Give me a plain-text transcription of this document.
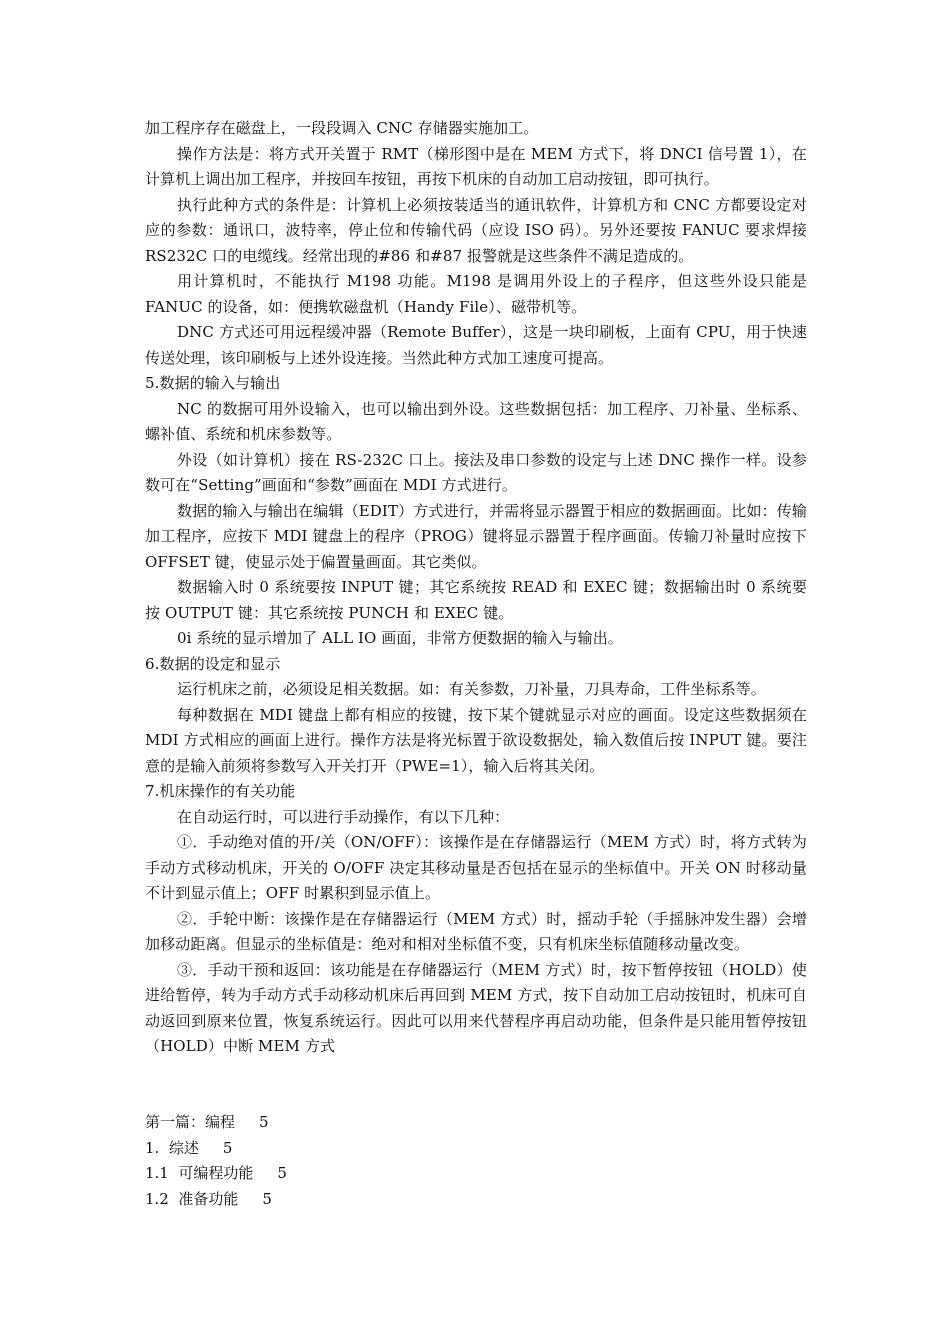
加工程序存在磁盘上，一段段调入 CNC 存储器实施加工。

操作方法是：将方式开关置于 RMT（梯形图中是在 MEM 方式下，将 DNCI 信号置 1），在计算机上调出加工程序，并按回车按钮，再按下机床的自动加工启动按钮，即可执行。

执行此种方式的条件是：计算机上必须按装适当的通讯软件，计算机方和 CNC 方都要设定对应的参数：通讯口，波特率，停止位和传输代码（应设 ISO 码）。另外还要按 FANUC 要求焊接 RS232C 口的电缆线。经常出现的#86 和#87 报警就是这些条件不满足造成的。

用计算机时，不能执行 M198 功能。M198 是调用外设上的子程序，但这些外设只能是 FANUC 的设备，如：便携软磁盘机（Handy File）、磁带机等。

DNC 方式还可用远程缓冲器（Remote Buffer），这是一块印刷板，上面有 CPU，用于快速传送处理，该印刷板与上述外设连接。当然此种方式加工速度可提高。

5.数据的输入与输出

NC 的数据可用外设输入，也可以输出到外设。这些数据包括：加工程序、刀补量、坐标系、螺补值、系统和机床参数等。

外设（如计算机）接在 RS-232C 口上。接法及串口参数的设定与上述 DNC 操作一样。设参数可在“Setting”画面和“参数”画面在 MDI 方式进行。

数据的输入与输出在编辑（EDIT）方式进行，并需将显示器置于相应的数据画面。比如：传输加工程序，应按下 MDI 键盘上的程序（PROG）键将显示器置于程序画面。传输刀补量时应按下 OFFSET 键，使显示处于偏置量画面。其它类似。

数据输入时 0 系统要按 INPUT 键；其它系统按 READ 和 EXEC 键；数据输出时 0 系统要按 OUTPUT 键：其它系统按 PUNCH 和 EXEC 键。

0i 系统的显示增加了 ALL IO 画面，非常方便数据的输入与输出。

6.数据的设定和显示

运行机床之前，必须设足相关数据。如：有关参数，刀补量，刀具寿命，工件坐标系等。

每种数据在 MDI 键盘上都有相应的按键，按下某个键就显示对应的画面。设定这些数据须在 MDI 方式相应的画面上进行。操作方法是将光标置于欲设数据处，输入数值后按 INPUT 键。要注意的是输入前须将参数写入开关打开（PWE=1），输入后将其关闭。

7.机床操作的有关功能

在自动运行时，可以进行手动操作，有以下几种：

①．手动绝对值的开/关（ON/OFF）：该操作是在存储器运行（MEM 方式）时，将方式转为手动方式移动机床，开关的 O/OFF 决定其移动量是否包括在显示的坐标值中。开关 ON 时移动量不计到显示值上；OFF 时累积到显示值上。

②．手轮中断：该操作是在存储器运行（MEM 方式）时，摇动手轮（手摇脉冲发生器）会增加移动距离。但显示的坐标值是：绝对和相对坐标值不变，只有机床坐标值随移动量改变。

③．手动干预和返回：该功能是在存储器运行（MEM 方式）时，按下暂停按钮（HOLD）使进给暂停，转为手动方式手动移动机床后再回到 MEM 方式，按下自动加工启动按钮时，机床可自动返回到原来位置，恢复系统运行。因此可以用来代替程序再启动功能，但条件是只能用暂停按钮（HOLD）中断 MEM 方式

第一篇：编程 5
1.  综述 5
1.1  可编程功能 5
1.2  准备功能 5
